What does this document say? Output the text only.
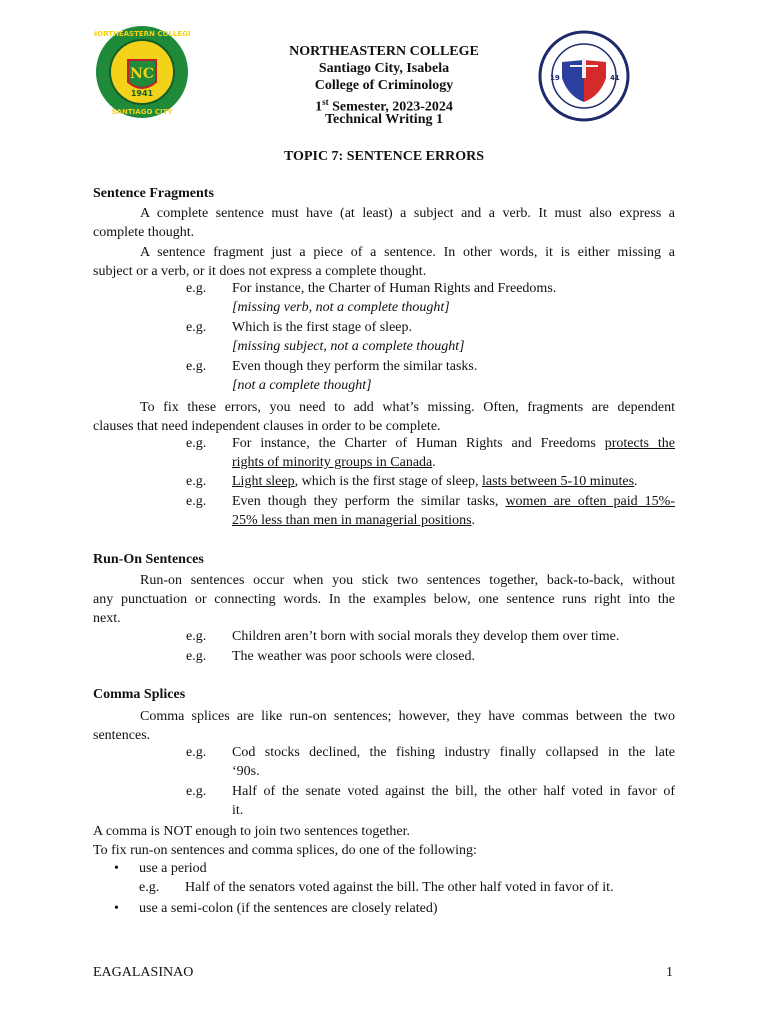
NC
1941
NORTHEASTERN COLLEGE
SANTIAGO CITY
19	41
NORTHEASTERN COLLEGE
Santiago City, Isabela
College of Criminology
1st Semester, 2023-2024
Technical Writing 1
TOPIC 7: SENTENCE ERRORS
Sentence Fragments
A complete sentence must have (at least) a subject and a verb. It must also express a
complete thought.
A sentence fragment just a piece of a sentence. In other words, it is either missing a
subject or a verb, or it does not express a complete thought.
e.g. For instance, the Charter of Human Rights and Freedoms.
[missing verb, not a complete thought]
e.g. Which is the first stage of sleep.
[missing subject, not a complete thought]
e.g. Even though they perform the similar tasks.
[not a complete thought]
To fix these errors, you need to add what’s missing. Often, fragments are dependent
clauses that need independent clauses in order to be complete.
e.g. For instance, the Charter of Human Rights and Freedoms protects the
rights of minority groups in Canada.
e.g. Light sleep, which is the first stage of sleep, lasts between 5-10 minutes.
e.g. Even though they perform the similar tasks, women are often paid 15%-
25% less than men in managerial positions.
Run-On Sentences
Run-on sentences occur when you stick two sentences together, back-to-back, without
any punctuation or connecting words. In the examples below, one sentence runs right into the
next.
e.g. Children aren’t born with social morals they develop them over time.
e.g. The weather was poor schools were closed.
Comma Splices
Comma splices are like run-on sentences; however, they have commas between the two
sentences.
e.g. Cod stocks declined, the fishing industry finally collapsed in the late
‘90s.
e.g. Half of the senate voted against the bill, the other half voted in favor of
it.
A comma is NOT enough to join two sentences together.
To fix run-on sentences and comma splices, do one of the following:
• use a period
e.g. Half of the senators voted against the bill. The other half voted in favor of it.
• use a semi-colon (if the sentences are closely related)
EAGALASINAO	1
